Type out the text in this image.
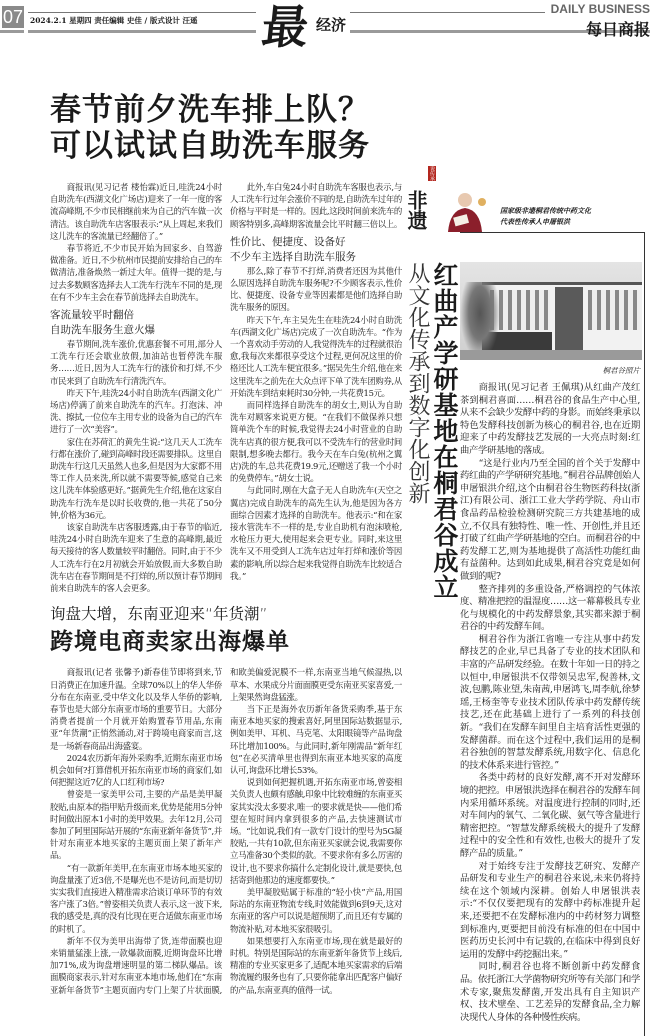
07 2024.2.1 星期四 责任编辑 史佳 / 版式设计 汪遥 最 经济
DAILY BUSINESS
每日商报
春节前夕洗车排上队？
可以试试自助洗车服务

商报讯(见习记者 楼怡霖)近日,哇洗24小时自助洗车(西湖文化广场店)迎来了一年一度的客流高峰期,不少市民相继前来为自己的汽车做一次清洁。该自助洗车店客服表示:“从上周起,来我们这儿洗车的客流量已经翻倍了。”

春节将近,不少市民开始为回家乡、自驾游做准备。近日,不少杭州市民提前安排给自己的车做清洁,准备焕然一新过大年。值得一提的是,与过去多数顾客选择去人工洗车行洗车不同的是,现在有不少车主会在春节前选择去自助洗车。

客流量较平时翻倍

自助洗车服务生意火爆

春节期间,洗车涨价,优惠套餐不可用,部分人工洗车行还会歇业放假,加油站也暂停洗车服务……近日,因为人工洗车行的涨价和打烊,不少市民来到了自助洗车行清洗汽车。

昨天下午,哇洗24小时自助洗车(西湖文化广场店)停满了前来自助洗车的汽车。打泡沫、冲洗、擦拭,一位位车主用专业的设备为自己的汽车进行了一次“美容”。

家住在苏荷汇的黄先生说:“这几天人工洗车行都在涨价了,碰到高峰时段还需要排队。这里自助洗车行这几天虽然人也多,但是因为大家都不用等工作人员来洗,所以就不需要等候,感觉自己来这儿洗车体验感更好。”据黄先生介绍,他在这家自助洗车行洗车是以时长收费的,他一共花了50分钟,价格为36元。

该家自助洗车店客服透露,由于春节的临近,哇洗24小时自助洗车迎来了生意的高峰期,最近每天接待的客人数量较平时翻倍。同时,由于不少人工洗车行在2月初就会开始放假,而大多数自助洗车店在春节期间是不打烊的,所以预计春节期间前来自助洗车的客人会更多。

此外,车白兔24小时自助洗车客服也表示,与人工洗车行过年会涨价不同的是,自助洗车过年的价格与平时是一样的。因此,这段时间前来洗车的顾客特别多,高峰期客流量会比平时翻三倍以上。

性价比、便捷度、设备好

不少车主选择自助洗车服务

那么,除了春节不打烊,消费者还因为其他什么原因选择自助洗车服务呢?不少顾客表示,性价比、便捷度、设备专业等因素都是他们选择自助洗车服务的原因。

昨天下午,车主吴先生在哇洗24小时自助洗车(西湖文化广场店)完成了一次自助洗车。“作为一个喜欢动手劳动的人,我觉得洗车的过程就很治愈,我每次来都很享受这个过程,更何况这里的价格还比人工洗车便宜很多。”据吴先生介绍,他在来这里洗车之前先在大众点评下单了洗车团购券,从开始洗车到结束耗时30分钟,一共花费15元。

而同样选择自助洗车的胡女士,则认为自助洗车对顾客来说更方便。“在我们不做保养只想简单洗个车的时候,我觉得去24小时营业的自助洗车店真的很方便,我可以不受洗车行的营业时间限制,想多晚去都行。我今天在车白兔(杭州之翼店)洗的车,总共花费19.9元,还赠送了我一个小时的免费停车。”胡女士说。

与此同时,刚在大盒子无人自助洗车(天空之翼店)完成自助洗车的高先生认为,他是因为各方面综合因素才选择的自助洗车。他表示:“和在家接水管洗车不一样的是,专业自助机有泡沫喷枪,水枪压力更大,使用起来会更专业。同时,来这里洗车又不用受到人工洗车店过年打烊和涨价等因素的影响,所以综合起来我觉得自助洗车比较适合我。”

询盘大增，东南亚迎来“年货潮”
跨境电商卖家出海爆单

商报讯(记者 张馨予)新春佳节即将到来,节日消费正在加速升温。全球70%以上的华人华侨分布在东南亚,受中华文化以及华人华侨的影响,春节也是大部分东南亚市场的重要节日。大部分消费者提前一个月就开始购置春节用品,东南亚“年货潮”正悄然涌动,对于跨境电商家而言,这是一场新春商品出海盛宴。

2024农历新年海外采购季,近期东南亚市场机会如何?打算借机开拓东南亚市场的商家们,如何把握这近7亿的人口红利市场?

曾姿是一家美甲公司,主要的产品是美甲凝胶贴,由原本的指甲贴升级而来,优势是能用5分钟时间做出原本1小时的美甲效果。去年12月,公司参加了阿里国际站开展的“东南亚新年备货节”,并针对东南亚本地买家的主题页面上架了新年产品。

“有一款新年美甲,在东南亚市场本地买家的询盘量涨了近3倍,不是曝光也不是访问,而是切切实实我们直接进入精准需求洽谈订单环节的有效客户涨了3倍。”曾姿相关负责人表示,这一波下来,我的感受是,真的没有比现在更合适做东南亚市场的时机了。

新年不仅为美甲出海带了货,连带面膜也迎来销量猛涨上涨,一款爆款面膜,近期询盘环比增加71%,成为询盘增速明显的第二梯队爆品。该面膜商家表示,针对东南亚本地市场,他们在“东南亚新年备货节”主题页面内专门上架了片状面膜,和欧美偏爱泥膜不一样,东南亚当地气候湿热,以草本、水果成分片面面膜更受东南亚买家喜爱,一上架果然询盘猛涨。

当下正是海外农历新年备货采购季,基于东南亚本地买家的搜索喜好,阿里国际站数据显示,例如美甲、耳机、马克笔、太阳眼镜等产品询盘环比增加100%。与此同时,新年刚需品“新年红包”在必买清单里也得到东南亚本地买家的高度认可,询盘环比增长53%。

说到如何把握机遇,开拓东南亚市场,曾姿相关负责人也颇有感触,印象中比较难缠的东南亚买家其实没太多要求,唯一的要求就是快——他们希望在短时间内拿到很多的产品,去快速测试市场。“比如说,我们有一款专门设计的型号为5G凝胶贴,一共有10款,但东南亚买家就会说,我需要你立马准备30个类似的款。不要求你有多么厉害的设计,也不要求你搞什么定制化设计,就是要快,包括寄到他那边的速度都要快。”

美甲凝胶贴属于标准的“轻小快”产品,用国际站的东南亚物流专线,时效能做到6到9天,这对东南亚的客户可以说是超预期了,而且还有专属的物流补贴,对本地买家很吸引。

如果想要打入东南亚市场,现在就是最好的时机。特别是国际站的东南亚新年备货节上线后,精准的专业买家更多了,适配本地买家需求的后端物流履约服务也有了,只要你能拿出匹配客户偏好的产品,东南亚真的值得一试。

非遗
说传承
国家级非遗桐君传统中药文化
代表性传承人申屠银洪
从文化传承到数字化创新 红曲产学研基地在桐君谷成立	桐君谷照片

商报讯(见习记者 王佩琪)从红曲产茂红茶到桐君喜面……桐君谷的食品生产中心里,从来不会缺少发酵中药的身影。而始终秉承以特色发酵科技创新为核心的桐君谷,也在近期迎来了中药发酵技艺发展的一大亮点时刻:红曲产学研基地的落成。

“这是行业内乃至全国的首个关于发酵中药红曲的产学研研究基地。”桐君谷品牌创始人申屠银洪介绍,这个由桐君谷生物医药科技(浙江)有限公司、浙江工业大学药学院、舟山市食品药品检验检测研究院三方共建基地的成立,不仅具有独特性、唯一性、开创性,并且还打破了红曲产学研基地的空白。而桐君谷的中药发酵工艺,则为基地提供了高活性功能红曲有益菌种。达到如此成果,桐君谷究竟是如何做到的呢?

整齐排列的多重设备,严格调控的气体浓度、精准把控的温湿度……这一幕幕极具专业化与规模化的中药发酵景象,其实都来源于桐君谷的中药发酵车间。

桐君谷作为浙江省唯一专注从事中药发酵技艺的企业,早已具备了专业的技术团队和丰富的产品研发经验。在数十年如一日的持之以恒中,申屠银洪不仅带领吴忠军,倪善林,文波,包鹏,陈业望,朱南茜,申屠鸿飞,周李航,徐梦瑶,王杨奎等专业技术团队传承中药发酵传统技艺,还在此基础上进行了一系列的科技创新。“我们在发酵车间里自主培育活性更强的发酵菌群。而在这个过程中,我们运用的是桐君谷独创的智慧发酵系统,用数字化、信息化的技术体系来进行管控。”

各类中药材的良好发酵,离不开对发酵环境的把控。申屠银洪选择在桐君谷的发酵车间内采用循环系统。对温度进行控制的同时,还对车间内的氧气、二氧化碳、氨气等含量进行精密把控。“智慧发酵系统极大的提升了发酵过程中的安全性和有效性,也极大的提升了发酵产品的质量。”

对于始终专注于发酵技艺研究、发酵产品研发和专业生产的桐君谷来说,未来仍将持续在这个领域内深耕。创始人申屠银洪表示:“不仅仅要把现有的发酵中药标准提升起来,还要把不在发酵标准内的中药材努力调整到标准内,更要把目前没有标准的但在中国中医药历史长河中有记载的,在临床中得到良好运用的发酵中药挖掘出来。”

同时,桐君谷也将不断创新中药发酵食品。依托浙江大学菌物研究所等有关部门和学术专家,聚焦发酵菌,开发出具有自主知识产权、技术壁垒、工艺差异的发酵食品,全力解决现代人身体的各种慢性疾病。
